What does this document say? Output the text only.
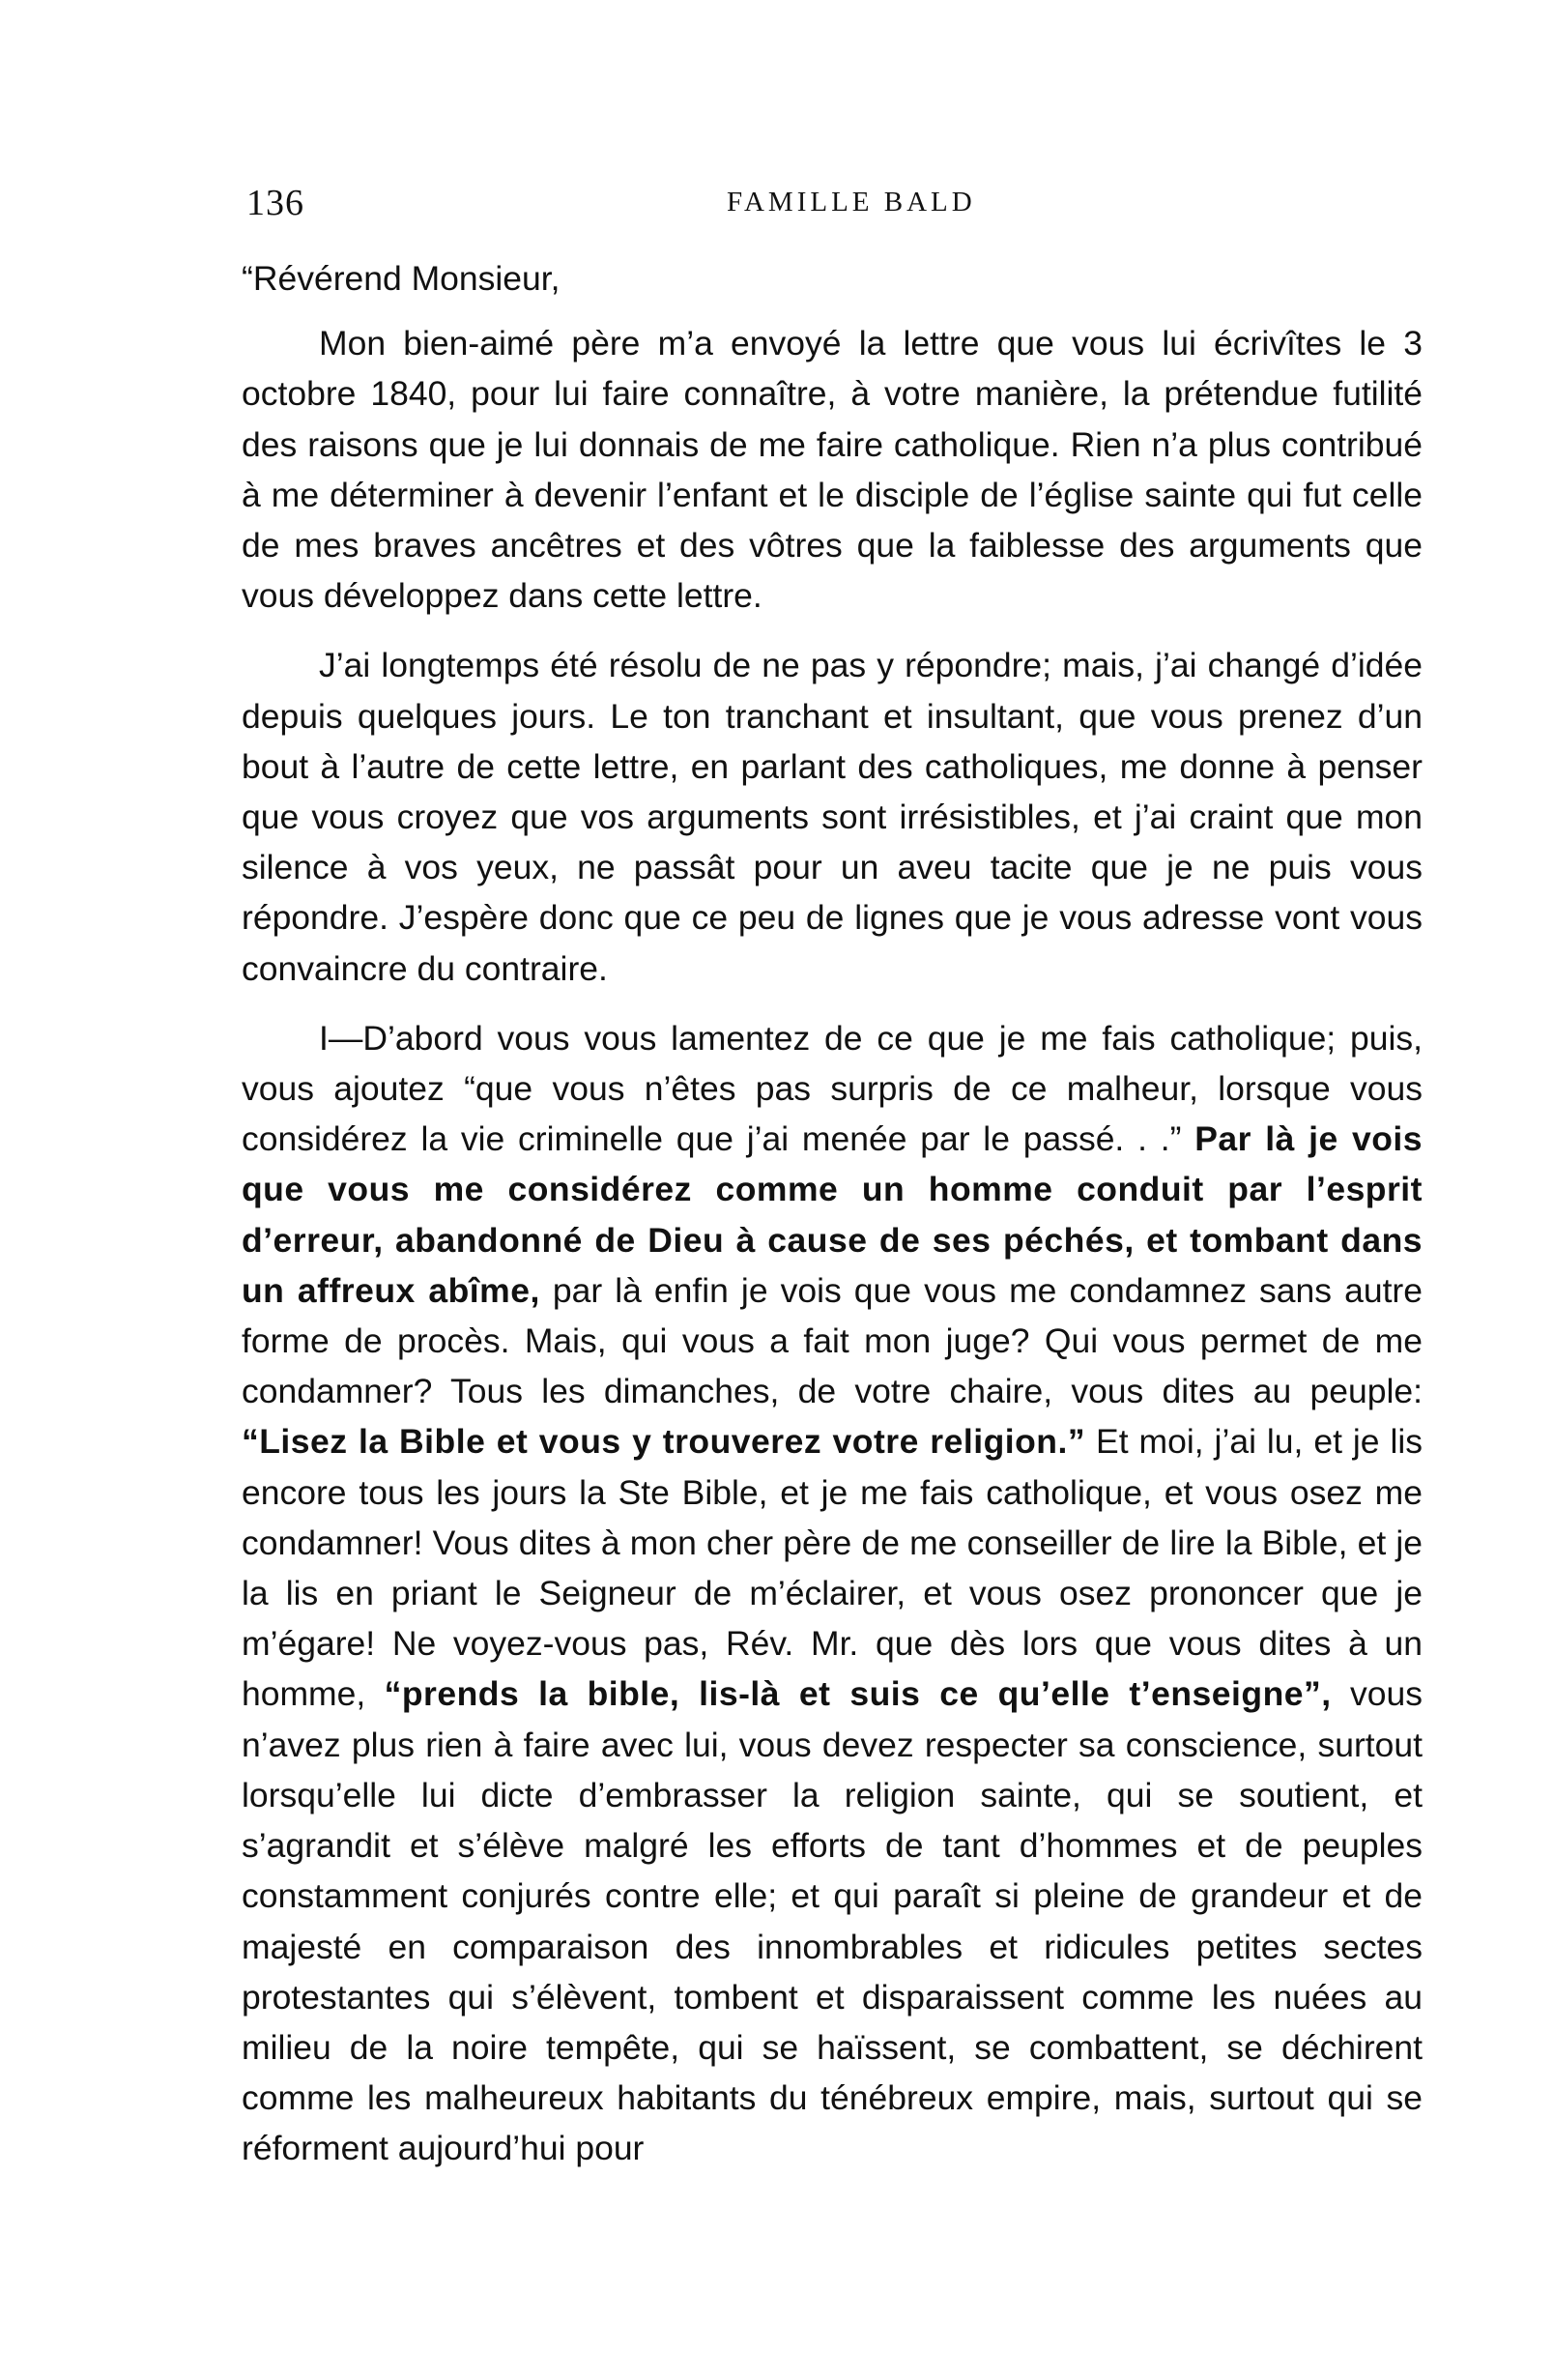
136	FAMILLE BALD

“Révérend Monsieur,

Mon bien-aimé père m’a envoyé la lettre que vous lui écrivîtes le 3 octobre 1840, pour lui faire connaître, à votre manière, la prétendue futilité des raisons que je lui donnais de me faire catholique. Rien n’a plus contribué à me déterminer à devenir l’enfant et le disciple de l’église sainte qui fut celle de mes braves ancêtres et des vôtres que la faiblesse des arguments que vous développez dans cette lettre.

J’ai longtemps été résolu de ne pas y répondre; mais, j’ai changé d’idée depuis quelques jours. Le ton tranchant et insultant, que vous prenez d’un bout à l’autre de cette lettre, en parlant des catholiques, me donne à penser que vous croyez que vos arguments sont irrésistibles, et j’ai craint que mon silence à vos yeux, ne passât pour un aveu tacite que je ne puis vous répondre. J’espère donc que ce peu de lignes que je vous adresse vont vous convaincre du contraire.

I—D’abord vous vous lamentez de ce que je me fais catholique; puis, vous ajoutez “que vous n’êtes pas surpris de ce malheur, lorsque vous considérez la vie criminelle que j’ai menée par le passé. . .” Par là je vois que vous me considérez comme un homme conduit par l’esprit d’erreur, abandonné de Dieu à cause de ses péchés, et tombant dans un affreux abîme, par là enfin je vois que vous me condamnez sans autre forme de procès. Mais, qui vous a fait mon juge? Qui vous permet de me condamner? Tous les dimanches, de votre chaire, vous dites au peuple: “Lisez la Bible et vous y trouverez votre religion.” Et moi, j’ai lu, et je lis encore tous les jours la Ste Bible, et je me fais catholique, et vous osez me condamner! Vous dites à mon cher père de me conseiller de lire la Bible, et je la lis en priant le Seigneur de m’éclairer, et vous osez prononcer que je m’égare! Ne voyez-vous pas, Rév. Mr. que dès lors que vous dites à un homme, “prends la bible, lis-là et suis ce qu’elle t’enseigne”, vous n’avez plus rien à faire avec lui, vous devez respecter sa conscience, surtout lorsqu’elle lui dicte d’embrasser la religion sainte, qui se soutient, et s’agrandit et s’élève malgré les efforts de tant d’hommes et de peuples constamment conjurés contre elle; et qui paraît si pleine de grandeur et de majesté en comparaison des innombrables et ridicules petites sectes protestantes qui s’élèvent, tombent et disparaissent comme les nuées au milieu de la noire tempête, qui se haïssent, se combattent, se déchirent comme les malheureux habitants du ténébreux empire, mais, surtout qui se réforment aujourd’hui pour
